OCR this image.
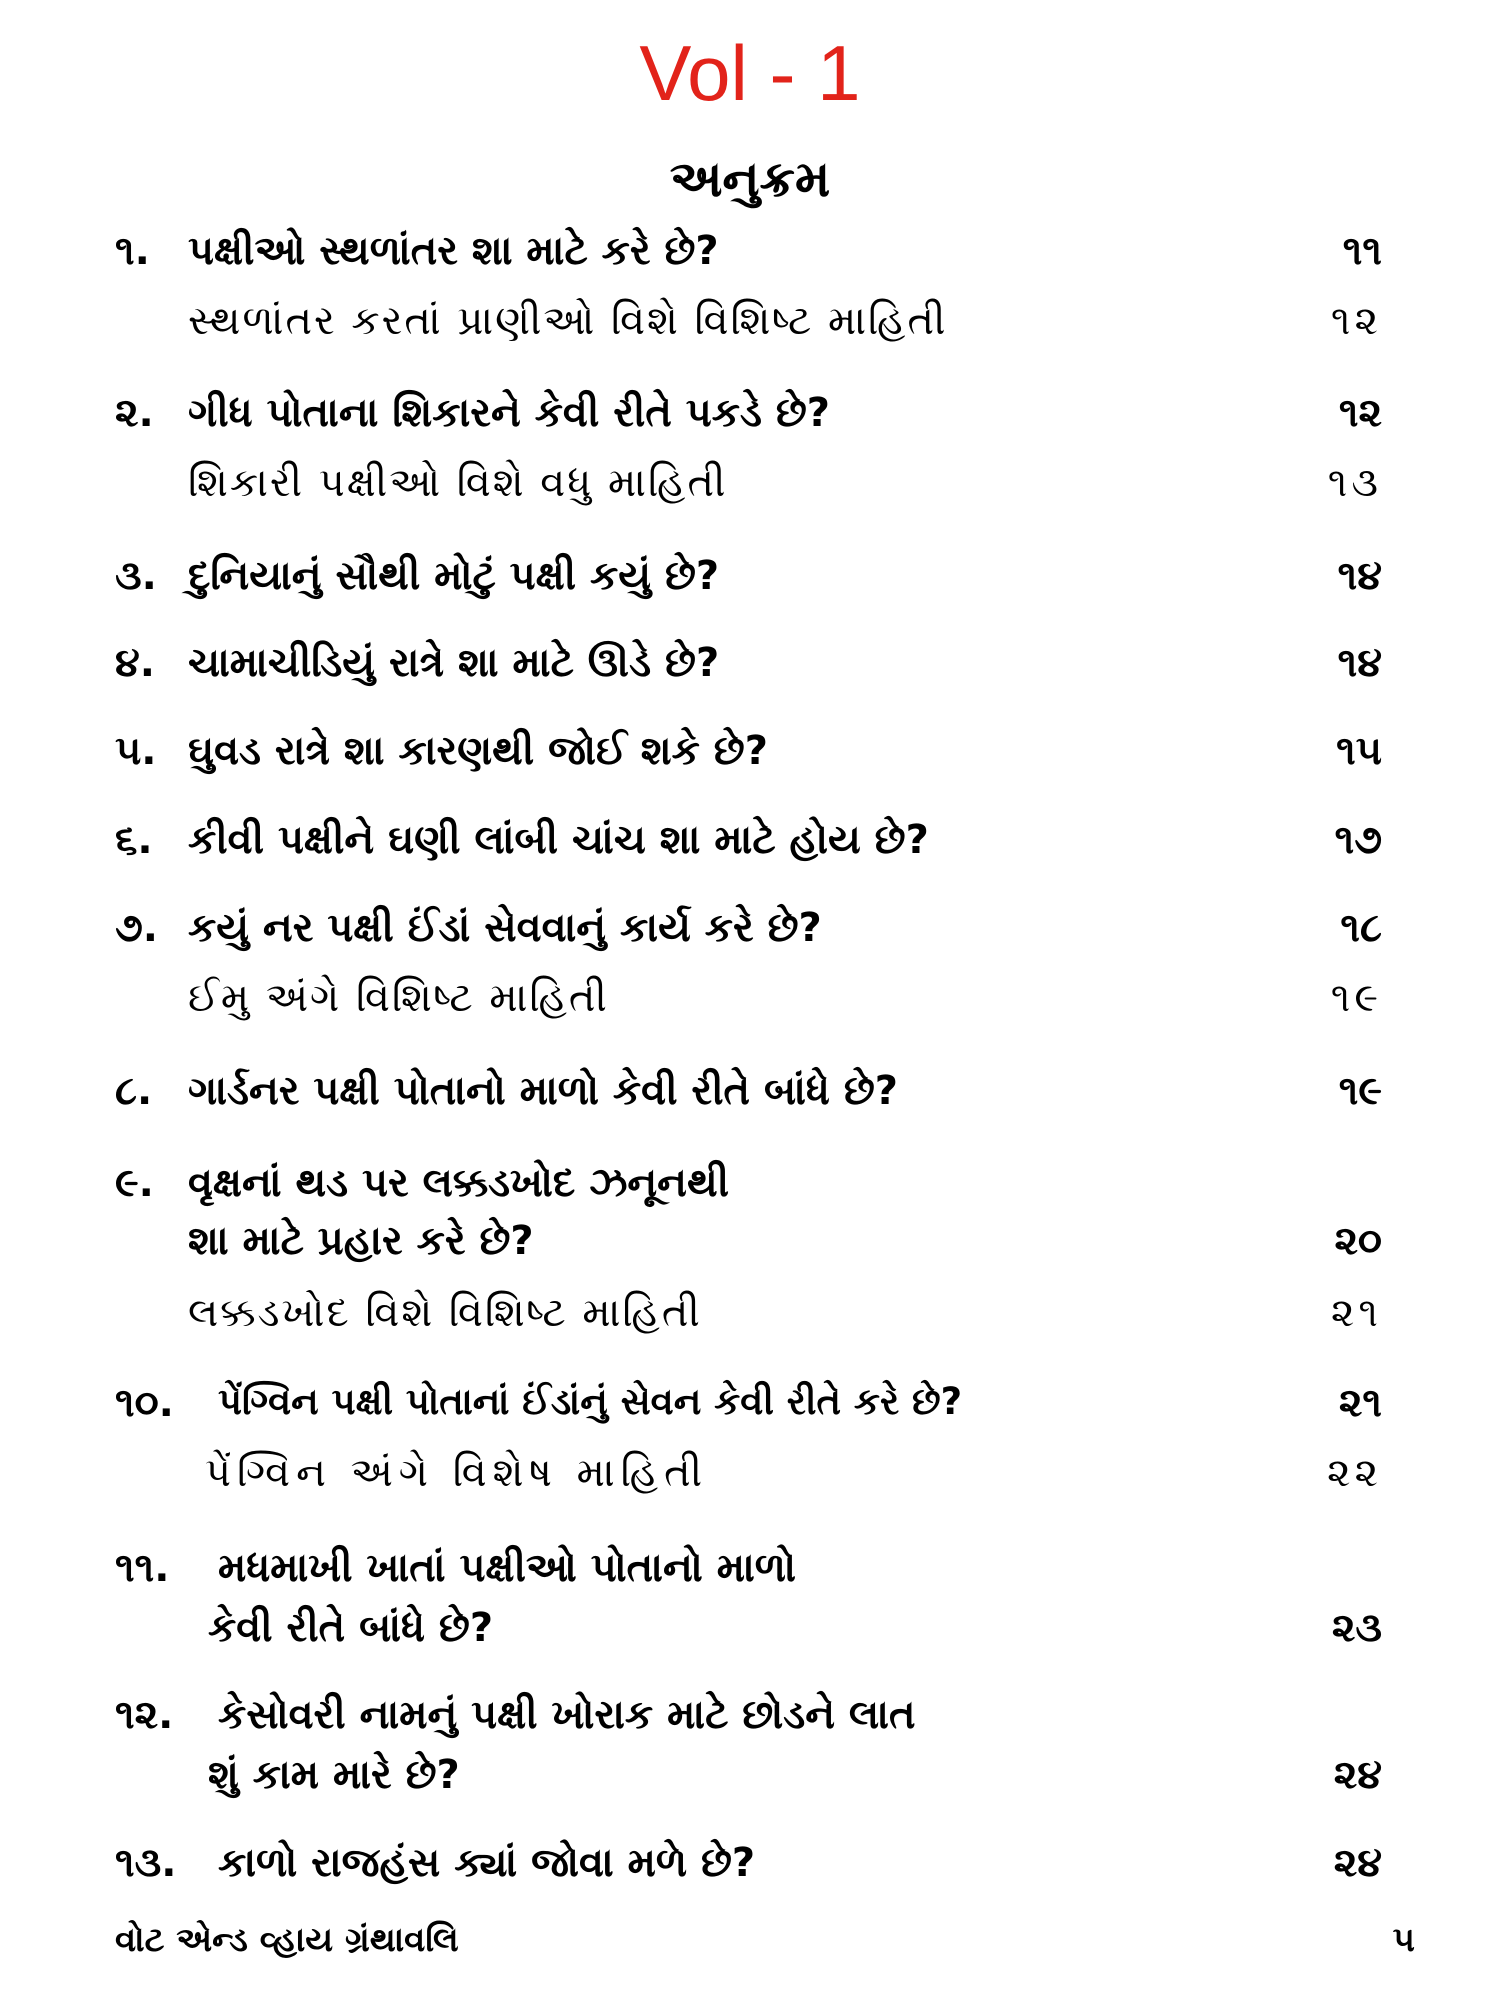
Vol - 1
અનુક્રમ
૧. પક્ષીઓ સ્થળાંતર શા માટે કરે છે?	૧૧
સ્થળાંતર કરતાં પ્રાણીઓ વિશે વિશિષ્ટ માહિતી	૧૨
૨. ગીધ પોતાના શિકારને કેવી રીતે પકડે છે?	૧૨
શિકારી પક્ષીઓ વિશે વધુ માહિતી	૧૩
૩. દુનિયાનું સૌથી મોટું પક્ષી કયું છે?	૧૪
૪. ચામાચીડિયું રાત્રે શા માટે ઊડે છે?	૧૪
૫. ઘુવડ રાત્રે શા કારણથી જોઈ શકે છે?	૧૫
૬. કીવી પક્ષીને ઘણી લાંબી ચાંચ શા માટે હોય છે?	૧૭
૭. કયું નર પક્ષી ઈંડાં સેવવાનું કાર્ય કરે છે?	૧૮
ઈમુ અંગે વિશિષ્ટ માહિતી	૧૯
૮. ગાર્ડનર પક્ષી પોતાનો માળો કેવી રીતે બાંધે છે?	૧૯
૯. વૃક્ષનાં થડ પર લક્કડખોદ ઝનૂનથી
શા માટે પ્રહાર કરે છે?	૨૦
લક્કડખોદ વિશે વિશિષ્ટ માહિતી	૨૧
૧૦. પેંગ્વિન પક્ષી પોતાનાં ઈંડાંનું સેવન કેવી રીતે કરે છે?	૨૧
પેંગ્વિન અંગે વિશેષ માહિતી	૨૨
૧૧. મધમાખી ખાતાં પક્ષીઓ પોતાનો માળો
કેવી રીતે બાંધે છે?	૨૩
૧૨. કેસોવરી નામનું પક્ષી ખોરાક માટે છોડને લાત
શું કામ મારે છે?	૨૪
૧૩. કાળો રાજહંસ ક્યાં જોવા મળે છે?	૨૪
વોટ એન્ડ વ્હાય ગ્રંથાવલિ	૫
